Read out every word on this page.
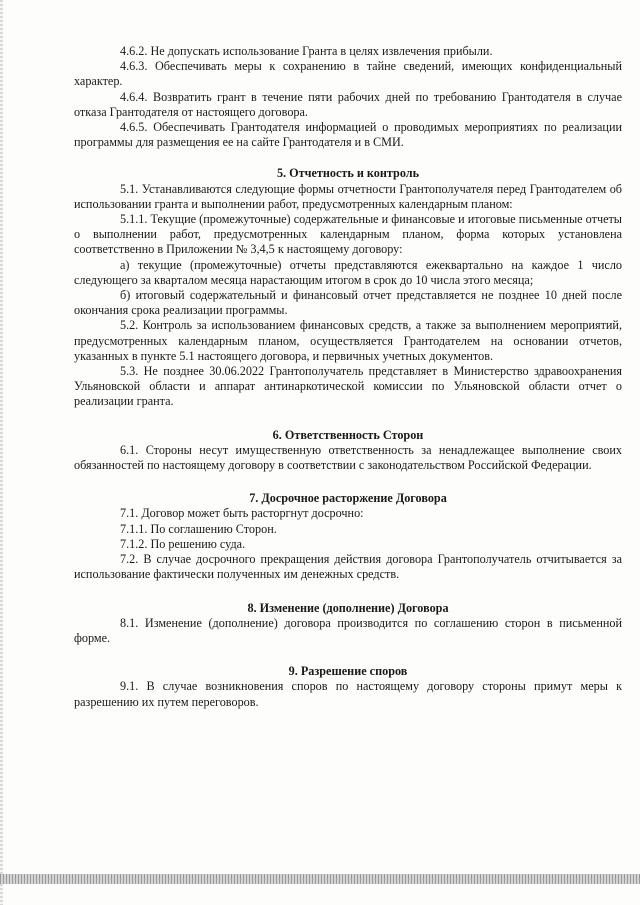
4.6.2. Не допускать использование Гранта в целях извлечения прибыли.

4.6.3. Обеспечивать меры к сохранению в тайне сведений, имеющих конфиденциальный характер.

4.6.4. Возвратить грант в течение пяти рабочих дней по требованию Грантодателя в случае отказа Грантодателя от настоящего договора.

4.6.5. Обеспечивать Грантодателя информацией о проводимых мероприятиях по реализации программы для размещения ее на сайте Грантодателя и в СМИ.

5. Отчетность и контроль

5.1. Устанавливаются следующие формы отчетности Грантополучателя перед Грантодателем об использовании гранта и выполнении работ, предусмотренных календарным планом:

5.1.1. Текущие (промежуточные) содержательные и финансовые и итоговые письменные отчеты о выполнении работ, предусмотренных календарным планом, форма которых установлена соответственно в Приложении № 3,4,5 к настоящему договору:

а) текущие (промежуточные) отчеты представляются ежеквартально на каждое 1 число следующего за кварталом месяца нарастающим итогом в срок до 10 числа этого месяца;

б) итоговый содержательный и финансовый отчет представляется не позднее 10 дней после окончания срока реализации программы.

5.2. Контроль за использованием финансовых средств, а также за выполнением мероприятий, предусмотренных календарным планом, осуществляется Грантодателем на основании отчетов, указанных в пункте 5.1 настоящего договора, и первичных учетных документов.

5.3. Не позднее 30.06.2022 Грантополучатель представляет в Министерство здравоохранения Ульяновской области и аппарат антинаркотической комиссии по Ульяновской области отчет о реализации гранта.

6. Ответственность Сторон

6.1. Стороны несут имущественную ответственность за ненадлежащее выполнение своих обязанностей по настоящему договору в соответствии с законодательством Российской Федерации.

7. Досрочное расторжение Договора

7.1. Договор может быть расторгнут досрочно:

7.1.1. По соглашению Сторон.

7.1.2. По решению суда.

7.2. В случае досрочного прекращения действия договора Грантополучатель отчитывается за использование фактически полученных им денежных средств.

8. Изменение (дополнение) Договора

8.1. Изменение (дополнение) договора производится по соглашению сторон в письменной форме.

9. Разрешение споров

9.1. В случае возникновения споров по настоящему договору стороны примут меры к разрешению их путем переговоров.
